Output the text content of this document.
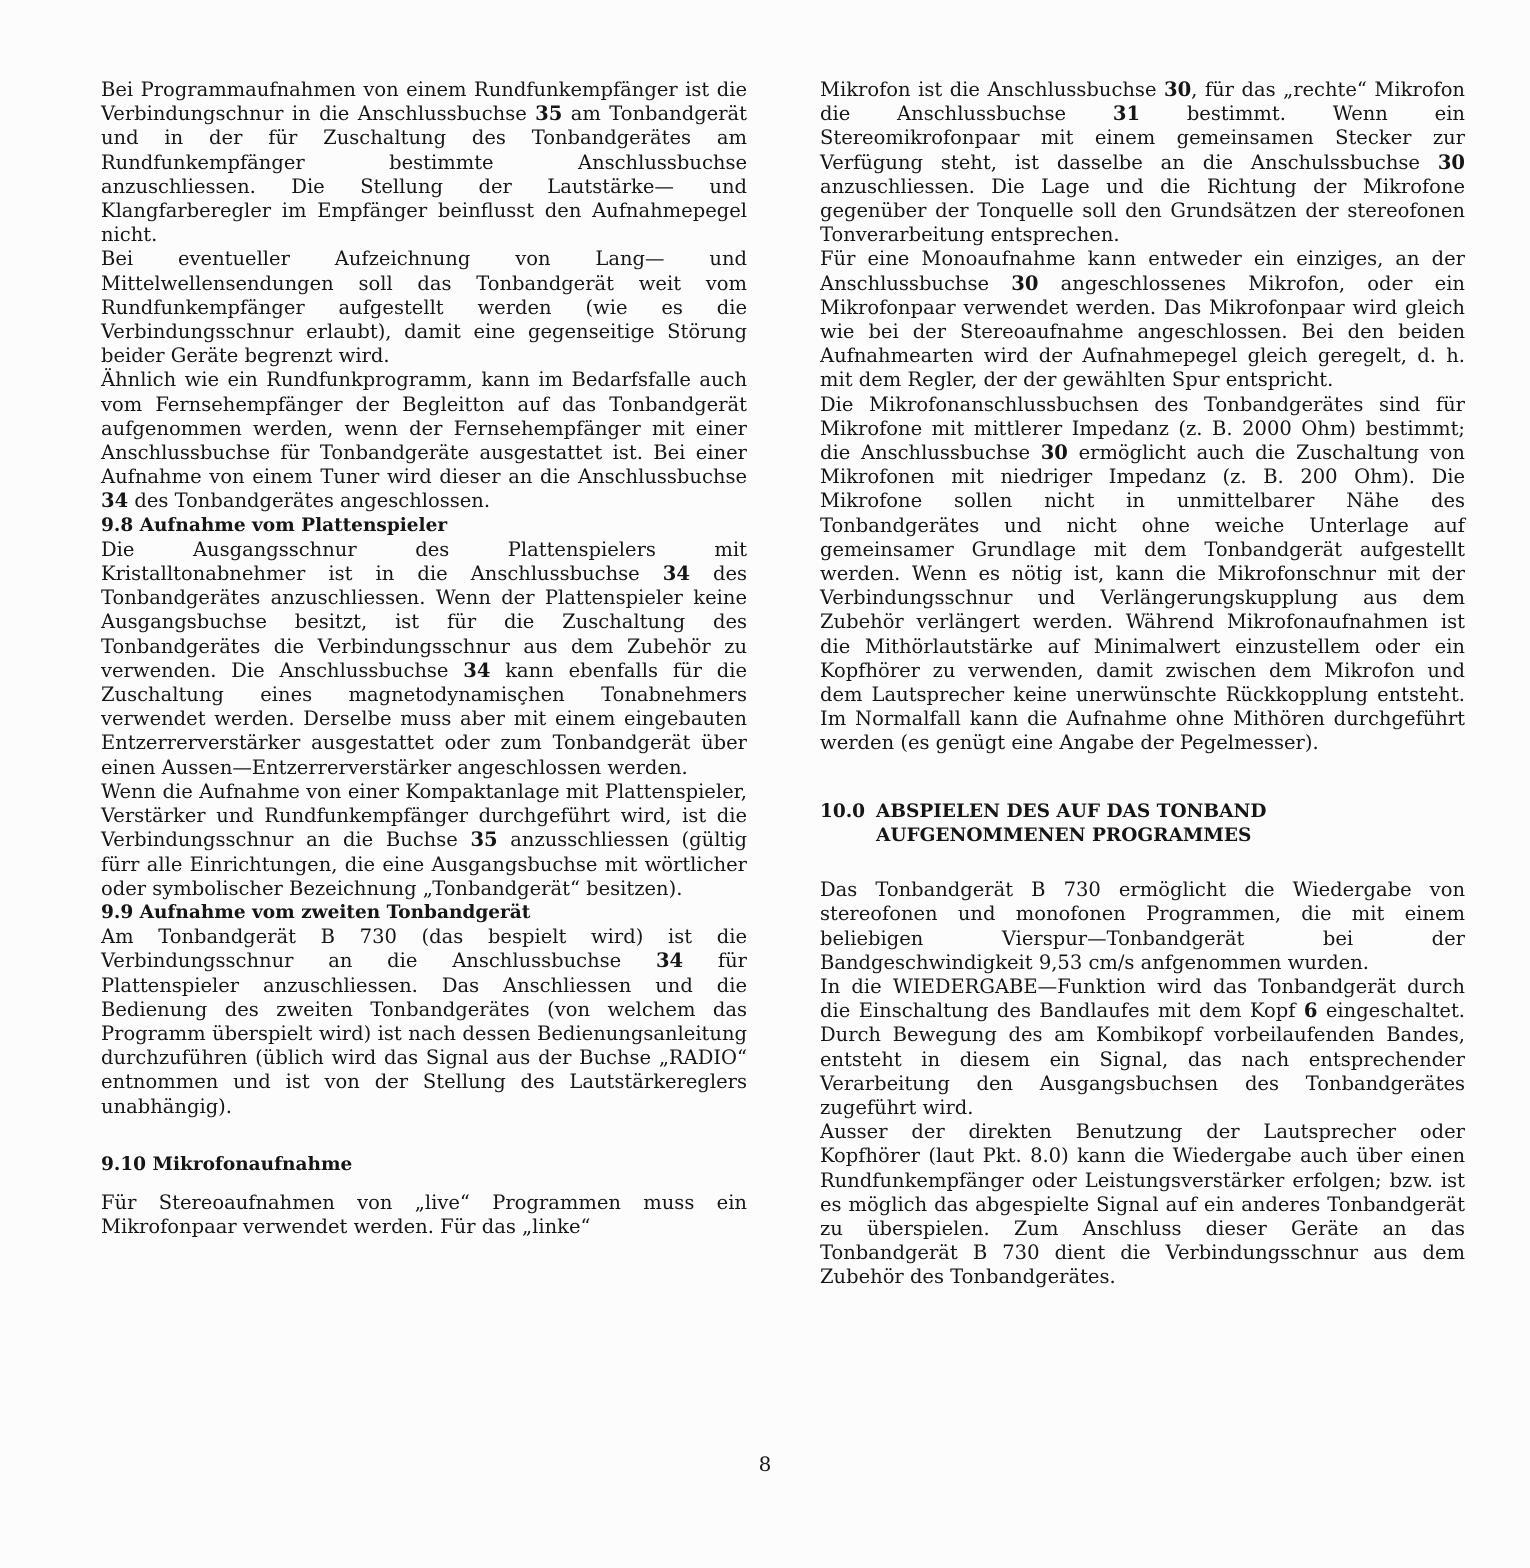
Bei Programmaufnahmen von einem Rundfunkempfänger ist die Verbindungschnur in die Anschlussbuchse 35 am Tonbandgerät und in der für Zuschaltung des Tonbandgerätes am Rundfunkempfänger bestimmte Anschlussbuchse anzuschliessen. Die Stellung der Lautstärke— und Klangfarberegler im Empfänger beinflusst den Aufnahmepegel nicht.

Bei eventueller Aufzeichnung von Lang— und Mittelwellensendungen soll das Tonbandgerät weit vom Rundfunkempfänger aufgestellt werden (wie es die Verbindungsschnur erlaubt), damit eine gegenseitige Störung beider Geräte begrenzt wird.

Ähnlich wie ein Rundfunkprogramm, kann im Bedarfsfalle auch vom Fernsehempfänger der Begleitton auf das Tonbandgerät aufgenommen werden, wenn der Fernsehempfänger mit einer Anschlussbuchse für Tonbandgeräte ausgestattet ist. Bei einer Aufnahme von einem Tuner wird dieser an die Anschlussbuchse 34 des Tonbandgerätes angeschlossen.

9.8 Aufnahme vom Plattenspieler

Die Ausgangsschnur des Plattenspielers mit Kristalltonabnehmer ist in die Anschlussbuchse 34 des Tonbandgerätes anzuschliessen. Wenn der Plattenspieler keine Ausgangsbuchse besitzt, ist für die Zuschaltung des Tonbandgerätes die Verbindungsschnur aus dem Zubehör zu verwenden. Die Anschlussbuchse 34 kann ebenfalls für die Zuschaltung eines magnetodynamisçhen Tonabnehmers verwendet werden. Derselbe muss aber mit einem eingebauten Entzerrerverstärker ausgestattet oder zum Tonbandgerät über einen Aussen—Entzerrerverstärker angeschlossen werden.

Wenn die Aufnahme von einer Kompaktanlage mit Plattenspieler, Verstärker und Rundfunkempfänger durchgeführt wird, ist die Verbindungsschnur an die Buchse 35 anzusschliessen (gültig fürr alle Einrichtungen, die eine Ausgangsbuchse mit wörtlicher oder symbolischer Bezeichnung „Tonbandgerät“ besitzen).

9.9 Aufnahme vom zweiten Tonbandgerät

Am Tonbandgerät B 730 (das bespielt wird) ist die Verbindungsschnur an die Anschlussbuchse 34 für Plattenspieler anzuschliessen. Das Anschliessen und die Bedienung des zweiten Tonbandgerätes (von welchem das Programm überspielt wird) ist nach dessen Bedienungsanleitung durchzuführen (üblich wird das Signal aus der Buchse „RADIO“ entnommen und ist von der Stellung des Lautstärkereglers unabhängig).

9.10 Mikrofonaufnahme

Für Stereoaufnahmen von „live“ Programmen muss ein Mikrofonpaar verwendet werden. Für das „linke“

Mikrofon ist die Anschlussbuchse 30, für das „rechte“ Mikrofon die Anschlussbuchse 31 bestimmt. Wenn ein Stereomikrofonpaar mit einem gemeinsamen Stecker zur Verfügung steht, ist dasselbe an die Anschulssbuchse 30 anzuschliessen. Die Lage und die Richtung der Mikrofone gegenüber der Tonquelle soll den Grundsätzen der stereofonen Tonverarbeitung entsprechen.

Für eine Monoaufnahme kann entweder ein einziges, an der Anschlussbuchse 30 angeschlossenes Mikrofon, oder ein Mikrofonpaar verwendet werden. Das Mikrofonpaar wird gleich wie bei der Stereoaufnahme angeschlossen. Bei den beiden Aufnahmearten wird der Aufnahmepegel gleich geregelt, d. h. mit dem Regler, der der gewählten Spur entspricht.

Die Mikrofonanschlussbuchsen des Tonbandgerätes sind für Mikrofone mit mittlerer Impedanz (z. B. 2000 Ohm) bestimmt; die Anschlussbuchse 30 ermöglicht auch die Zuschaltung von Mikrofonen mit niedriger Impedanz (z. B. 200 Ohm). Die Mikrofone sollen nicht in unmittelbarer Nähe des Tonbandgerätes und nicht ohne weiche Unterlage auf gemeinsamer Grundlage mit dem Tonbandgerät aufgestellt werden. Wenn es nötig ist, kann die Mikrofonschnur mit der Verbindungsschnur und Verlängerungskupplung aus dem Zubehör verlängert werden. Während Mikrofonaufnahmen ist die Mithörlautstärke auf Minimalwert einzustellem oder ein Kopfhörer zu verwenden, damit zwischen dem Mikrofon und dem Lautsprecher keine unerwünschte Rückkopplung entsteht. Im Normalfall kann die Aufnahme ohne Mithören durchgeführt werden (es genügt eine Angabe der Pegelmesser).

10.0 ABSPIELEN DES AUF DAS TONBAND
AUFGENOMMENEN PROGRAMMES

Das Tonbandgerät B 730 ermöglicht die Wiedergabe von stereofonen und monofonen Programmen, die mit einem beliebigen Vierspur—Tonbandgerät bei der Bandgeschwindigkeit 9,53 cm/s anfgenommen wurden.

In die WIEDERGABE—Funktion wird das Tonbandgerät durch die Einschaltung des Bandlaufes mit dem Kopf 6 eingeschaltet. Durch Bewegung des am Kombikopf vorbeilaufenden Bandes, entsteht in diesem ein Signal, das nach entsprechender Verarbeitung den Ausgangsbuchsen des Tonbandgerätes zugeführt wird.

Ausser der direkten Benutzung der Lautsprecher oder Kopfhörer (laut Pkt. 8.0) kann die Wiedergabe auch über einen Rundfunkempfänger oder Leistungsverstärker erfolgen; bzw. ist es möglich das abgespielte Signal auf ein anderes Tonbandgerät zu überspielen. Zum Anschluss dieser Geräte an das Tonbandgerät B 730 dient die Verbindungsschnur aus dem Zubehör des Tonbandgerätes.

8
